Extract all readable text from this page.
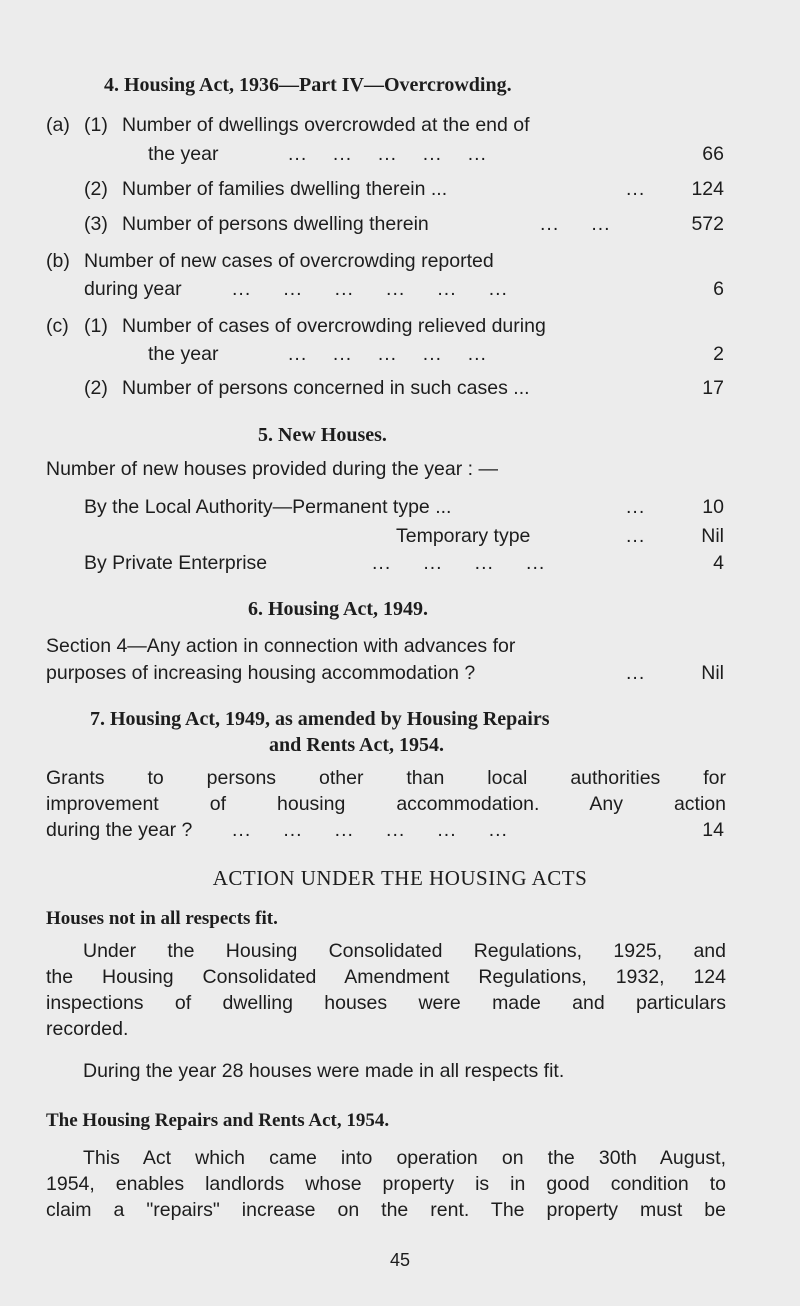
4. Housing Act, 1936—Part IV—Overcrowding.
(a) (1) Number of dwellings overcrowded at the end of
the year	...    ...    ...    ...    ...	66
(2) Number of families dwelling therein ...	... 124
(3) Number of persons dwelling therein	...     ...	572
(b) Number of new cases of overcrowding reported
during year	...     ...     ...     ...     ...     ...	6
(c) (1) Number of cases of overcrowding relieved during
the year	...    ...    ...    ...    ...	2
(2) Number of persons concerned in such cases ...	17
5. New Houses.
Number of new houses provided during the year : —
By the Local Authority—Permanent type ...	...	10
Temporary type	...	Nil
By Private Enterprise	...     ...     ...     ...	4
6. Housing Act, 1949.
Section 4—Any action in connection with advances for
purposes of increasing housing accommodation ?	...	Nil
7. Housing Act, 1949, as amended by Housing Repairs
and Rents Act, 1954.
Grants to persons other than local authorities for
improvement of housing accommodation. Any action
during the year ? ...     ...     ...     ...     ...     ...	14
ACTION UNDER THE HOUSING ACTS
Houses not in all respects fit.
Under the Housing Consolidated Regulations, 1925, and
the Housing Consolidated Amendment Regulations, 1932, 124
inspections of dwelling houses were made and particulars
recorded.
During the year 28 houses were made in all respects fit.
The Housing Repairs and Rents Act, 1954.
This Act which came into operation on the 30th August,
1954, enables landlords whose property is in good condition to
claim a "repairs" increase on the rent. The property must be
45
